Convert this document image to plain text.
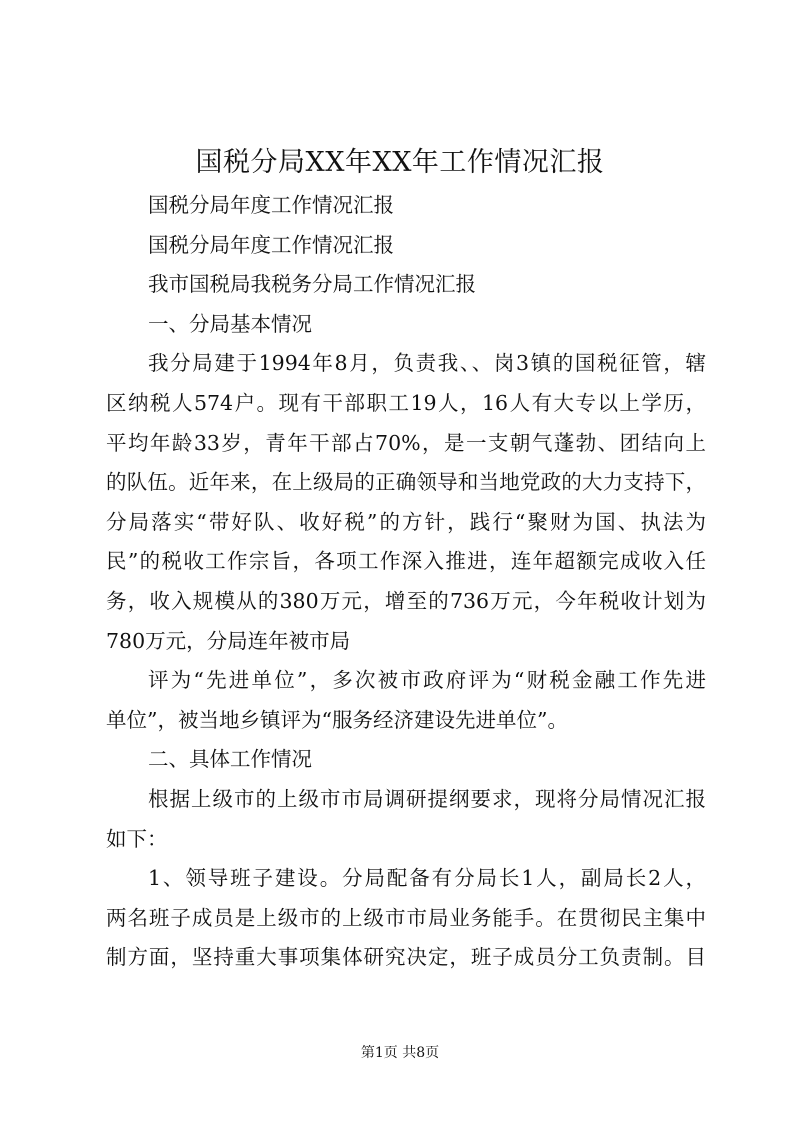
国税分局XX年XX年工作情况汇报
国税分局年度工作情况汇报
国税分局年度工作情况汇报
我市国税局我税务分局工作情况汇报
一、分局基本情况
我分局建于1994年8月，负责我、、岗3镇的国税征管，辖
区纳税人574户。现有干部职工19人，16人有大专以上学历，
平均年龄33岁，青年干部占70%，是一支朝气蓬勃、团结向上
的队伍。近年来，在上级局的正确领导和当地党政的大力支持下，
分局落实“带好队、收好税”的方针，践行“聚财为国、执法为
民”的税收工作宗旨，各项工作深入推进，连年超额完成收入任
务，收入规模从的380万元，增至的736万元，今年税收计划为
780万元，分局连年被市局
评为“先进单位”，多次被市政府评为“财税金融工作先进
单位”，被当地乡镇评为“服务经济建设先进单位”。
二、具体工作情况
根据上级市的上级市市局调研提纲要求，现将分局情况汇报
如下：
1、领导班子建设。分局配备有分局长1人，副局长2人，
两名班子成员是上级市的上级市市局业务能手。在贯彻民主集中
制方面，坚持重大事项集体研究决定，班子成员分工负责制。目
第1页 共8页
